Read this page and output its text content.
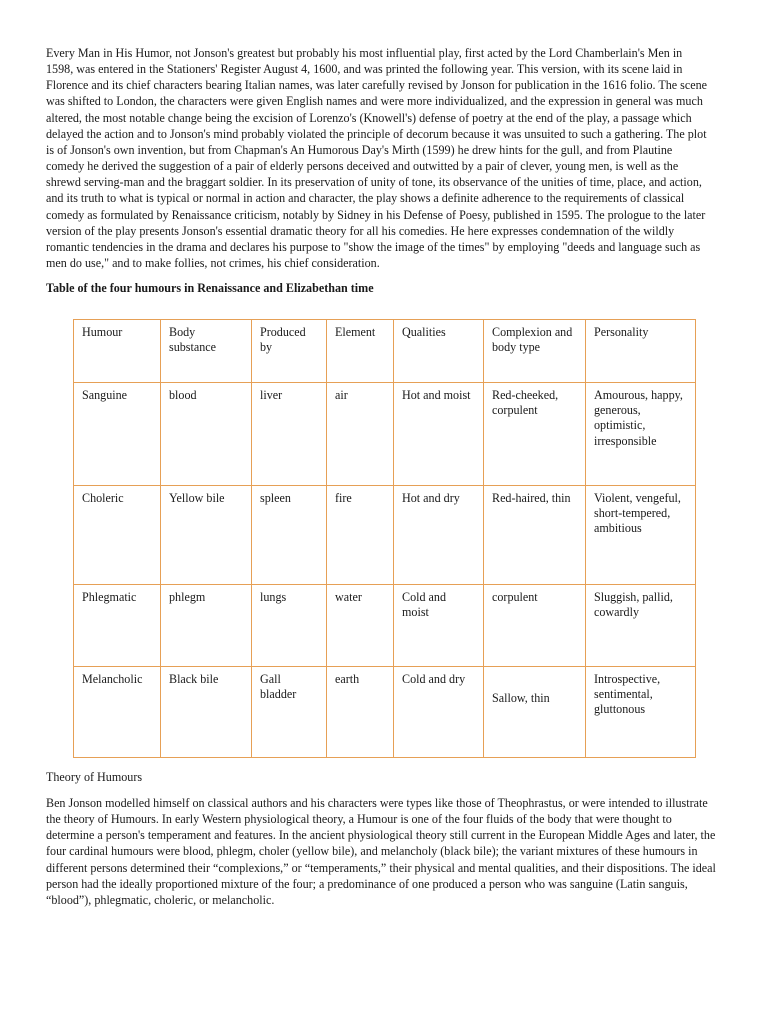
Every Man in His Humor, not Jonson's greatest but probably his most influential play, first acted by the Lord Chamberlain's Men in 1598, was entered in the Stationers' Register August 4, 1600, and was printed the following year. This version, with its scene laid in Florence and its chief characters bearing Italian names, was later carefully revised by Jonson for publication in the 1616 folio. The scene was shifted to London, the characters were given English names and were more individualized, and the expression in general was much altered, the most notable change being the excision of Lorenzo's (Knowell's) defense of poetry at the end of the play, a passage which delayed the action and to Jonson's mind probably violated the principle of decorum because it was unsuited to such a gathering. The plot is of Jonson's own invention, but from Chapman's An Humorous Day's Mirth (1599) he drew hints for the gull, and from Plautine comedy he derived the suggestion of a pair of elderly persons deceived and outwitted by a pair of clever, young men, is well as the shrewd serving-man and the braggart soldier. In its preservation of unity of tone, its observance of the unities of time, place, and action, and its truth to what is typical or normal in action and character, the play shows a definite adherence to the requirements of classical comedy as formulated by Renaissance criticism, notably by Sidney in his Defense of Poesy, published in 1595. The prologue to the later version of the play presents Jonson's essential dramatic theory for all his comedies. He here expresses condemnation of the wildly romantic tendencies in the drama and declares his purpose to "show the image of the times" by employing "deeds and language such as men do use," and to make follies, not crimes, his chief consideration.

Table of the four humours in Renaissance and Elizabethan time

Humour	Body substance	Produced by	Element	Qualities	Complexion and body type	Personality
Sanguine	blood	liver	air	Hot and moist	Red-cheeked, corpulent	Amourous, happy, generous, optimistic, irresponsible
Choleric	Yellow bile	spleen	fire	Hot and dry	Red-haired, thin	Violent, vengeful, short-tempered, ambitious
Phlegmatic	phlegm	lungs	water	Cold and moist	corpulent	Sluggish, pallid, cowardly
Melancholic	Black bile	Gall bladder	earth	Cold and dry	Sallow, thin	Introspective, sentimental, gluttonous

Theory of Humours

Ben Jonson modelled himself on classical authors and his characters were types like those of Theophrastus, or were intended to illustrate the theory of Humours. In early Western physiological theory, a Humour is one of the four fluids of the body that were thought to determine a person's temperament and features. In the ancient physiological theory still current in the European Middle Ages and later, the four cardinal humours were blood, phlegm, choler (yellow bile), and melancholy (black bile); the variant mixtures of these humours in different persons determined their “complexions,” or “temperaments,” their physical and mental qualities, and their dispositions. The ideal person had the ideally proportioned mixture of the four; a predominance of one produced a person who was sanguine (Latin sanguis, “blood”), phlegmatic, choleric, or melancholic.
